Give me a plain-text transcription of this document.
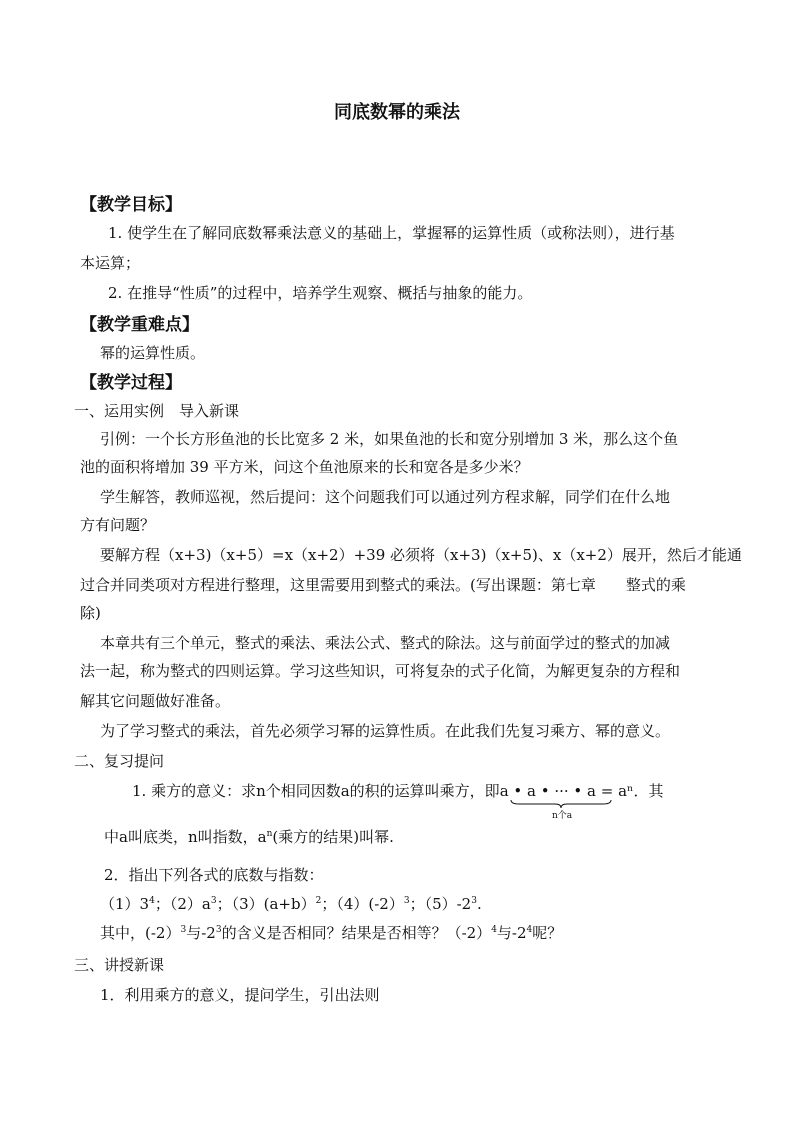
同底数幂的乘法
【教学目标】
1. 使学生在了解同底数幂乘法意义的基础上，掌握幂的运算性质（或称法则），进行基
本运算；
2. 在推导“性质”的过程中，培养学生观察、概括与抽象的能力。
【教学重难点】
幂的运算性质。
【教学过程】
一、运用实例　导入新课
引例：一个长方形鱼池的长比宽多 2 米，如果鱼池的长和宽分别增加 3 米，那么这个鱼
池的面积将增加 39 平方米，问这个鱼池原来的长和宽各是多少米？
学生解答，教师巡视，然后提问：这个问题我们可以通过列方程求解，同学们在什么地
方有问题？
要解方程（x+3)（x+5）=x（x+2）+39 必须将（x+3)（x+5)、x（x+2）展开，然后才能通
过合并同类项对方程进行整理，这里需要用到整式的乘法。(写出课题：第七章　　整式的乘
除)
本章共有三个单元，整式的乘法、乘法公式、整式的除法。这与前面学过的整式的加减
法一起，称为整式的四则运算。学习这些知识，可将复杂的式子化简，为解更复杂的方程和
解其它问题做好准备。
为了学习整式的乘法，首先必须学习幂的运算性质。在此我们先复习乘方、幂的意义。
二、复习提问
1. 乘方的意义：求n个相同因数a的积的运算叫乘方，即a • a • ··· • a = aⁿ．其
n个a
中a叫底类，n叫指数，$a^n$(乘方的结果)叫幂.
2．指出下列各式的底数与指数：
$(1)3^4$；$(2)a^3$；（3）(a+b）$^2$；（4）(-2）$^3$；$(5)-2^3$.
其中，(-2）$^3$与$-2^3$的含义是否相同？结果是否相等？$(-2)^4$与$-2^4$呢？
三、讲授新课
1．利用乘方的意义，提问学生，引出法则
